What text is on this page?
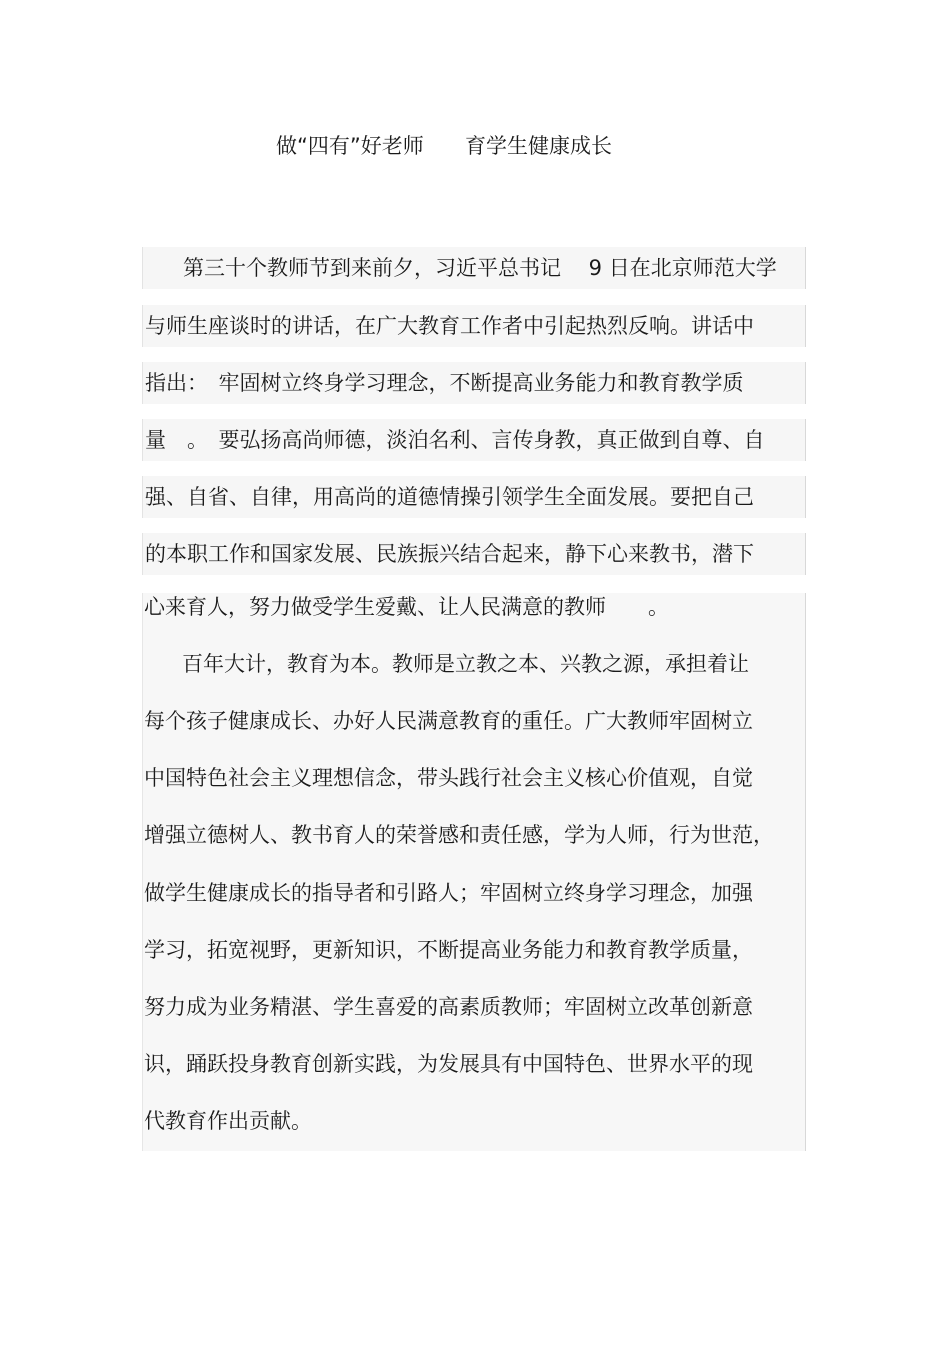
做“四有”好老师 育学生健康成长

第三十个教师节到来前夕，习近平总书记　 9 日在北京师范大学

与师生座谈时的讲话，在广大教育工作者中引起热烈反响。讲话中

指出：　牢固树立终身学习理念，不断提高业务能力和教育教学质

量　。　要弘扬高尚师德，淡泊名利、言传身教，真正做到自尊、自

强、自省、自律，用高尚的道德情操引领学生全面发展。要把自己

的本职工作和国家发展、民族振兴结合起来，静下心来教书，潜下

心来育人，努力做受学生爱戴、让人民满意的教师　　。

百年大计，教育为本。教师是立教之本、兴教之源，承担着让

每个孩子健康成长、办好人民满意教育的重任。广大教师牢固树立

中国特色社会主义理想信念，带头践行社会主义核心价值观，自觉

增强立德树人、教书育人的荣誉感和责任感，学为人师，行为世范，

做学生健康成长的指导者和引路人；牢固树立终身学习理念，加强

学习，拓宽视野，更新知识，不断提高业务能力和教育教学质量，

努力成为业务精湛、学生喜爱的高素质教师；牢固树立改革创新意

识，踊跃投身教育创新实践，为发展具有中国特色、世界水平的现

代教育作出贡献。
